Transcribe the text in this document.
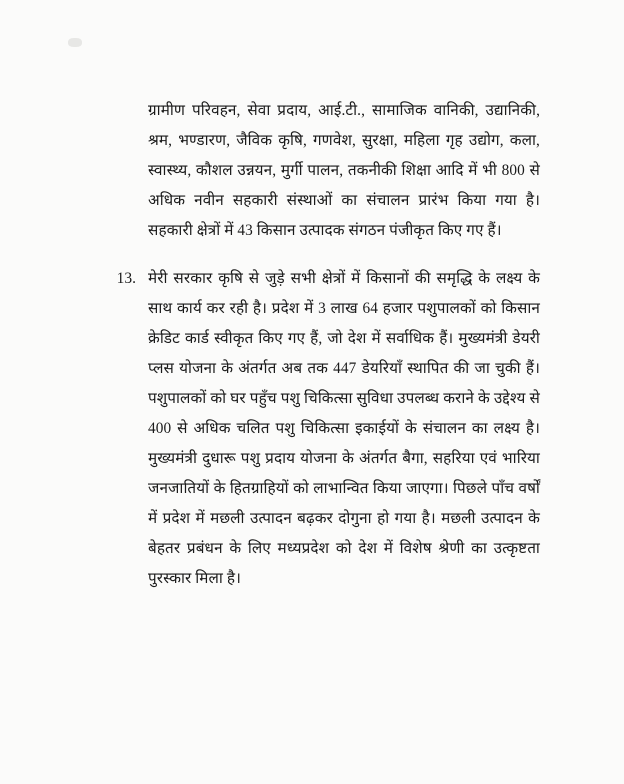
ग्रामीण परिवहन, सेवा प्रदाय, आई.टी., सामाजिक वानिकी, उद्यानिकी, श्रम, भण्डारण, जैविक कृषि, गणवेश, सुरक्षा, महिला गृह उद्योग, कला, स्वास्थ्य, कौशल उन्नयन, मुर्गी पालन, तकनीकी शिक्षा आदि में भी 800 से अधिक नवीन सहकारी संस्थाओं का संचालन प्रारंभ किया गया है। सहकारी क्षेत्रों में 43 किसान उत्पादक संगठन पंजीकृत किए गए हैं।
13. मेरी सरकार कृषि से जुड़े सभी क्षेत्रों में किसानों की समृद्धि के लक्ष्य के साथ कार्य कर रही है। प्रदेश में 3 लाख 64 हजार पशुपालकों को किसान क्रेडिट कार्ड स्वीकृत किए गए हैं, जो देश में सर्वाधिक हैं। मुख्यमंत्री डेयरी प्लस योजना के अंतर्गत अब तक 447 डेयरियाँ स्थापित की जा चुकी हैं। पशुपालकों को घर पहुँच पशु चिकित्सा सुविधा उपलब्ध कराने के उद्देश्य से 400 से अधिक चलित पशु चिकित्सा इकाईयों के संचालन का लक्ष्य है। मुख्यमंत्री दुधारू पशु प्रदाय योजना के अंतर्गत बैगा, सहरिया एवं भारिया जनजातियों के हितग्राहियों को लाभान्वित किया जाएगा। पिछले पाँच वर्षों में प्रदेश में मछली उत्पादन बढ़कर दोगुना हो गया है। मछली उत्पादन के बेहतर प्रबंधन के लिए मध्यप्रदेश को देश में विशेष श्रेणी का उत्कृष्टता पुरस्कार मिला है।
